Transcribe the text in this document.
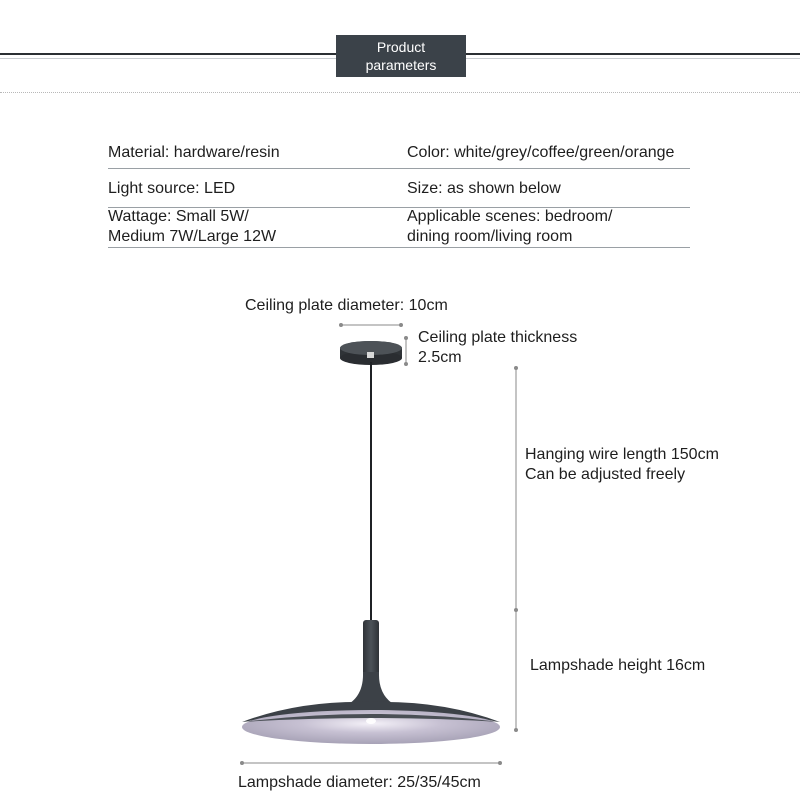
Product
parameters
Material: hardware/resin	Color: white/grey/coffee/green/orange
Light source: LED	Size: as shown below
Wattage: Small 5W/
Medium 7W/Large 12W
Applicable scenes: bedroom/
dining room/living room
Ceiling plate diameter: 10cm
Ceiling plate thickness
2.5cm
Hanging wire length 150cm
Can be adjusted freely
Lampshade height 16cm
Lampshade diameter: 25/35/45cm
